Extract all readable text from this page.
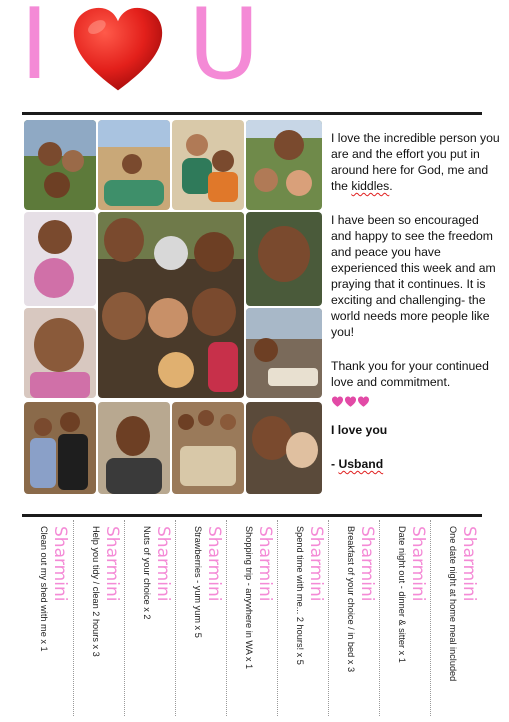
I U

I love the incredible person you are and the effort you put in around here for God, me and the kiddles.

I have been so encouraged and happy to see the freedom and peace you have experienced this week and am praying that it continues. It is exciting and challenging- the world needs more people like you!

Thank you for your continued love and commitment.

I love you

- Usband

Sharmini
Clean out my shed with me x 1	Sharmini
Help you tidy / clean 2 hours x 3	Sharmini
Nuts of your choice x 2	Sharmini
Strawberries - yum yum x 5	Sharmini
Shopping trip - anywhere in WA x 1	Sharmini
Spend time with me... 2 hours! x 5	Sharmini
Breakfast of your choice / in bed x 3	Sharmini
Date night out - dinner & sitter x 1	Sharmini
One date night at home meal included
